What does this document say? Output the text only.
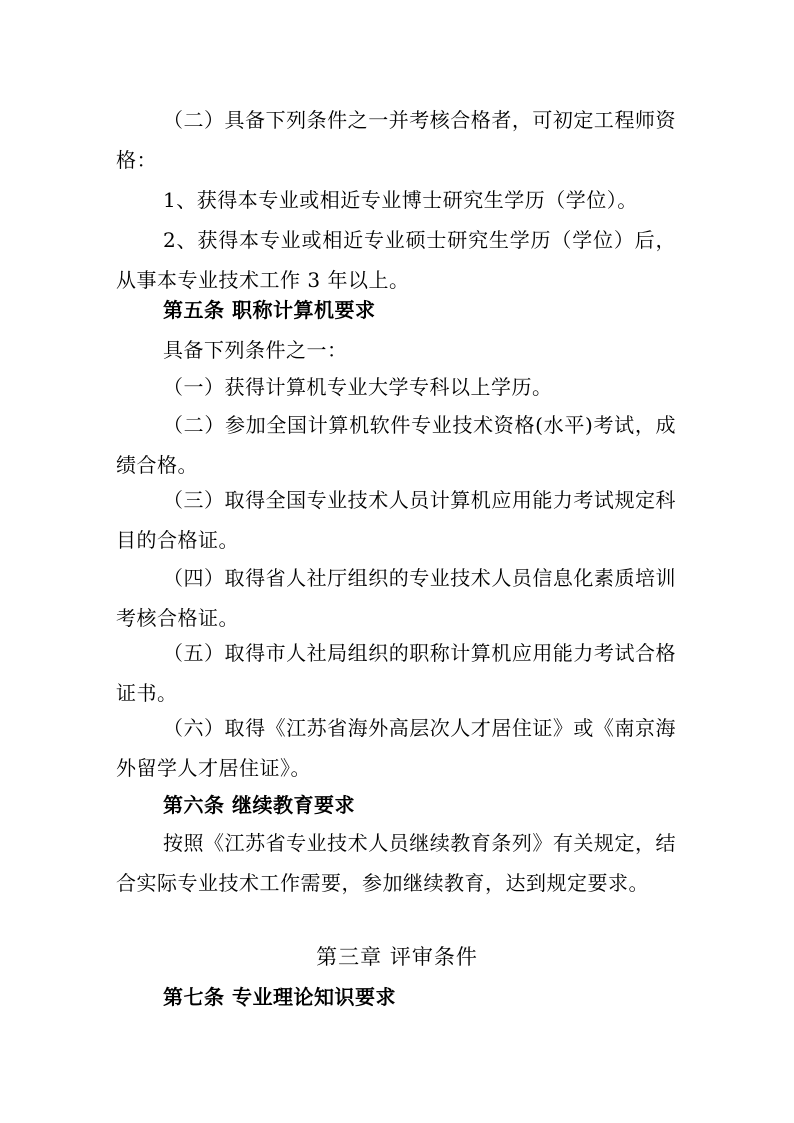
（二）具备下列条件之一并考核合格者，可初定工程师资格：

1、获得本专业或相近专业博士研究生学历（学位）。

2、获得本专业或相近专业硕士研究生学历（学位）后，从事本专业技术工作 3 年以上。

第五条 职称计算机要求

具备下列条件之一：

（一）获得计算机专业大学专科以上学历。

（二）参加全国计算机软件专业技术资格(水平)考试，成绩合格。

（三）取得全国专业技术人员计算机应用能力考试规定科目的合格证。

（四）取得省人社厅组织的专业技术人员信息化素质培训考核合格证。

（五）取得市人社局组织的职称计算机应用能力考试合格证书。

（六）取得《江苏省海外高层次人才居住证》或《南京海外留学人才居住证》。

第六条 继续教育要求

按照《江苏省专业技术人员继续教育条列》有关规定，结合实际专业技术工作需要，参加继续教育，达到规定要求。

第三章 评审条件

第七条 专业理论知识要求
